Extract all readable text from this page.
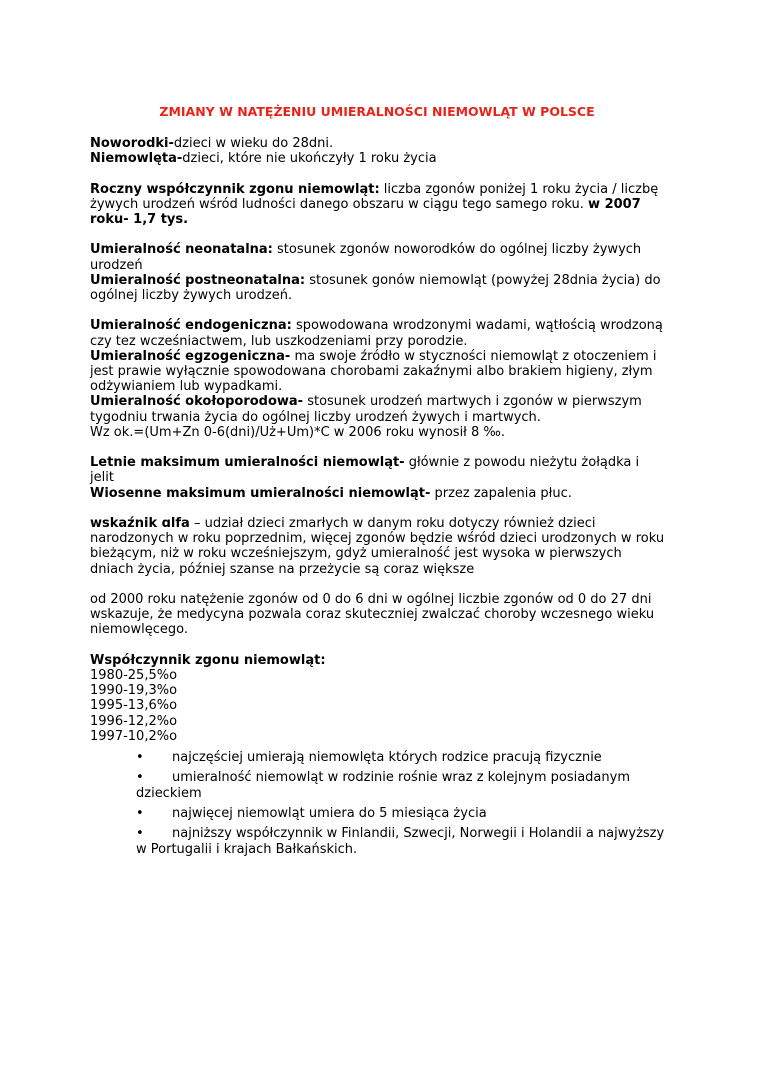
ZMIANY W NATĘŻENIU UMIERALNOŚCI NIEMOWLĄT W POLSCE

Noworodki-dzieci w wieku do 28dni.

Niemowlęta-dzieci, które nie ukończyły 1 roku życia

Roczny współczynnik zgonu niemowląt: liczba zgonów poniżej 1 roku życia / liczbę żywych urodzeń wśród ludności danego obszaru w ciągu tego samego roku. w 2007 roku- 1,7 tys.

Umieralność neonatalna: stosunek zgonów noworodków do ogólnej liczby żywych urodzeń

Umieralność postneonatalna: stosunek gonów niemowląt (powyżej 28dnia życia) do ogólnej liczby żywych urodzeń.

Umieralność endogeniczna: spowodowana wrodzonymi wadami, wątłością wrodzoną czy tez wcześniactwem, lub uszkodzeniami przy porodzie.

Umieralność egzogeniczna- ma swoje źródło w styczności niemowląt z otoczeniem i jest prawie wyłącznie spowodowana chorobami zakaźnymi albo brakiem higieny, złym odżywianiem lub wypadkami.

Umieralność okołoporodowa- stosunek urodzeń martwych i zgonów w pierwszym tygodniu trwania życia do ogólnej liczby urodzeń żywych i martwych.

Wz ok.=(Um+Zn 0-6(dni)/Uż+Um)*C w 2006 roku wynosił 8 ‰.

Letnie maksimum umieralności niemowląt- głównie z powodu nieżytu żołądka i jelit

Wiosenne maksimum umieralności niemowląt- przez zapalenia płuc.

wskaźnik ɑlfa – udział dzieci zmarłych w danym roku dotyczy również dzieci narodzonych w roku poprzednim, więcej zgonów będzie wśród dzieci urodzonych w roku bieżącym, niż w roku wcześniejszym, gdyż umieralność jest wysoka w pierwszych dniach życia, później szanse na przeżycie są coraz większe

od 2000 roku natężenie zgonów od 0 do 6 dni w ogólnej liczbie zgonów od 0 do 27 dni wskazuje, że medycyna pozwala coraz skuteczniej zwalczać choroby wczesnego wieku niemowlęcego.

Współczynnik zgonu niemowląt:

1980-25,5%o

1990-19,3%o

1995-13,6%o

1996-12,2%o

1997-10,2%o

• najczęściej umierają niemowlęta których rodzice pracują fizycznie
• umieralność niemowląt w rodzinie rośnie wraz z kolejnym posiadanym dzieckiem
• najwięcej niemowląt umiera do 5 miesiąca życia
• najniższy współczynnik w Finlandii, Szwecji, Norwegii i Holandii a najwyższy w Portugalii i krajach Bałkańskich.
